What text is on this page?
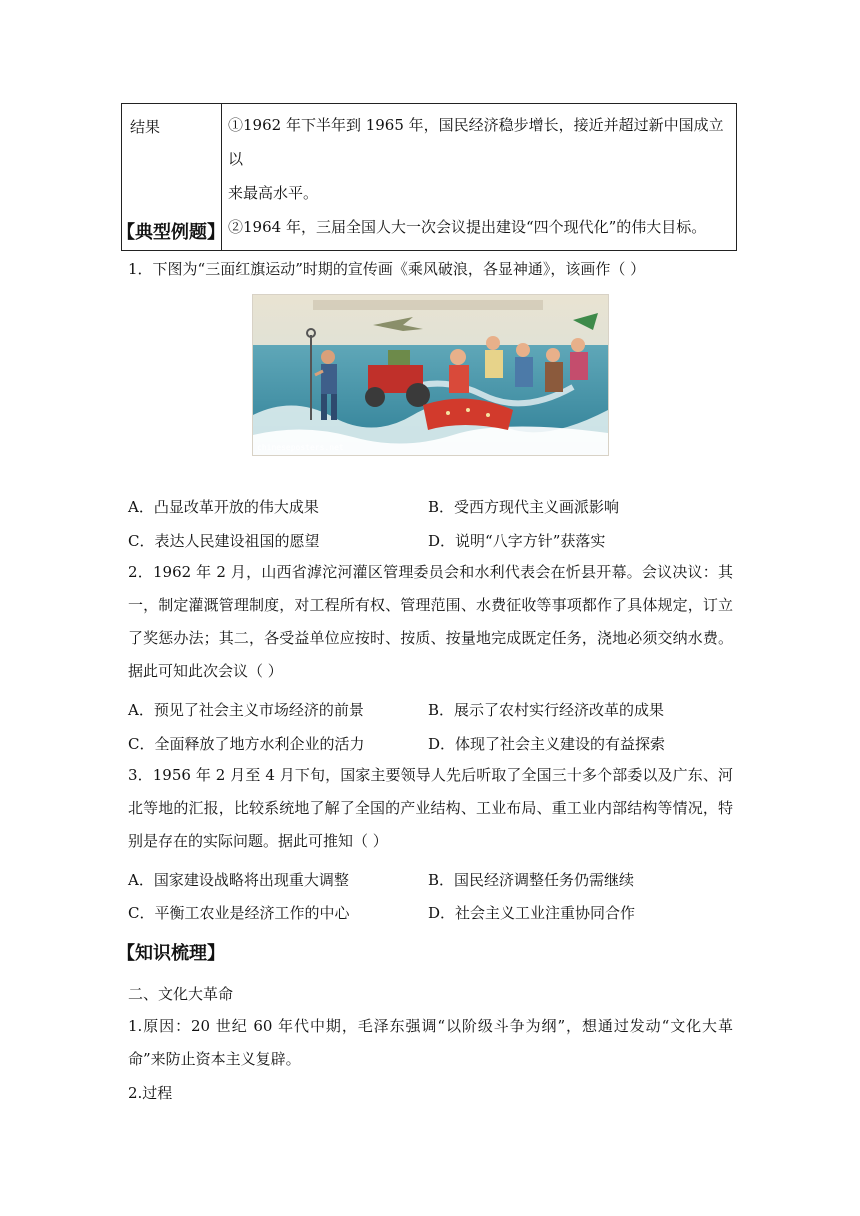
结果	①1962 年下半年到 1965 年，国民经济稳步增长，接近并超过新中国成立以
来最高水平。
②1964 年，三届全国人大一次会议提出建设“四个现代化”的伟大目标。
【典型例题】
1．下图为“三面红旗运动”时期的宣传画《乘风破浪，各显神通》，该画作（ ）
chineseposters.net
A．凸显改革开放的伟大成果	B．受西方现代主义画派影响
C．表达人民建设祖国的愿望	D．说明“八字方针”获落实
2．1962 年 2 月，山西省滹沱河灌区管理委员会和水利代表会在忻县开幕。会议决议：其一，制定灌溉管理制度，对工程所有权、管理范围、水费征收等事项都作了具体规定，订立了奖惩办法；其二，各受益单位应按时、按质、按量地完成既定任务，浇地必须交纳水费。据此可知此次会议（ ）
A．预见了社会主义市场经济的前景	B．展示了农村实行经济改革的成果
C．全面释放了地方水利企业的活力	D．体现了社会主义建设的有益探索
3．1956 年 2 月至 4 月下旬，国家主要领导人先后听取了全国三十多个部委以及广东、河北等地的汇报，比较系统地了解了全国的产业结构、工业布局、重工业内部结构等情况，特别是存在的实际问题。据此可推知（ ）
A．国家建设战略将出现重大调整	B．国民经济调整任务仍需继续
C．平衡工农业是经济工作的中心	D．社会主义工业注重协同合作
【知识梳理】
二、文化大革命
1.原因：20 世纪 60 年代中期，毛泽东强调“以阶级斗争为纲”，想通过发动“文化大革命”来防止资本主义复辟。
2.过程
